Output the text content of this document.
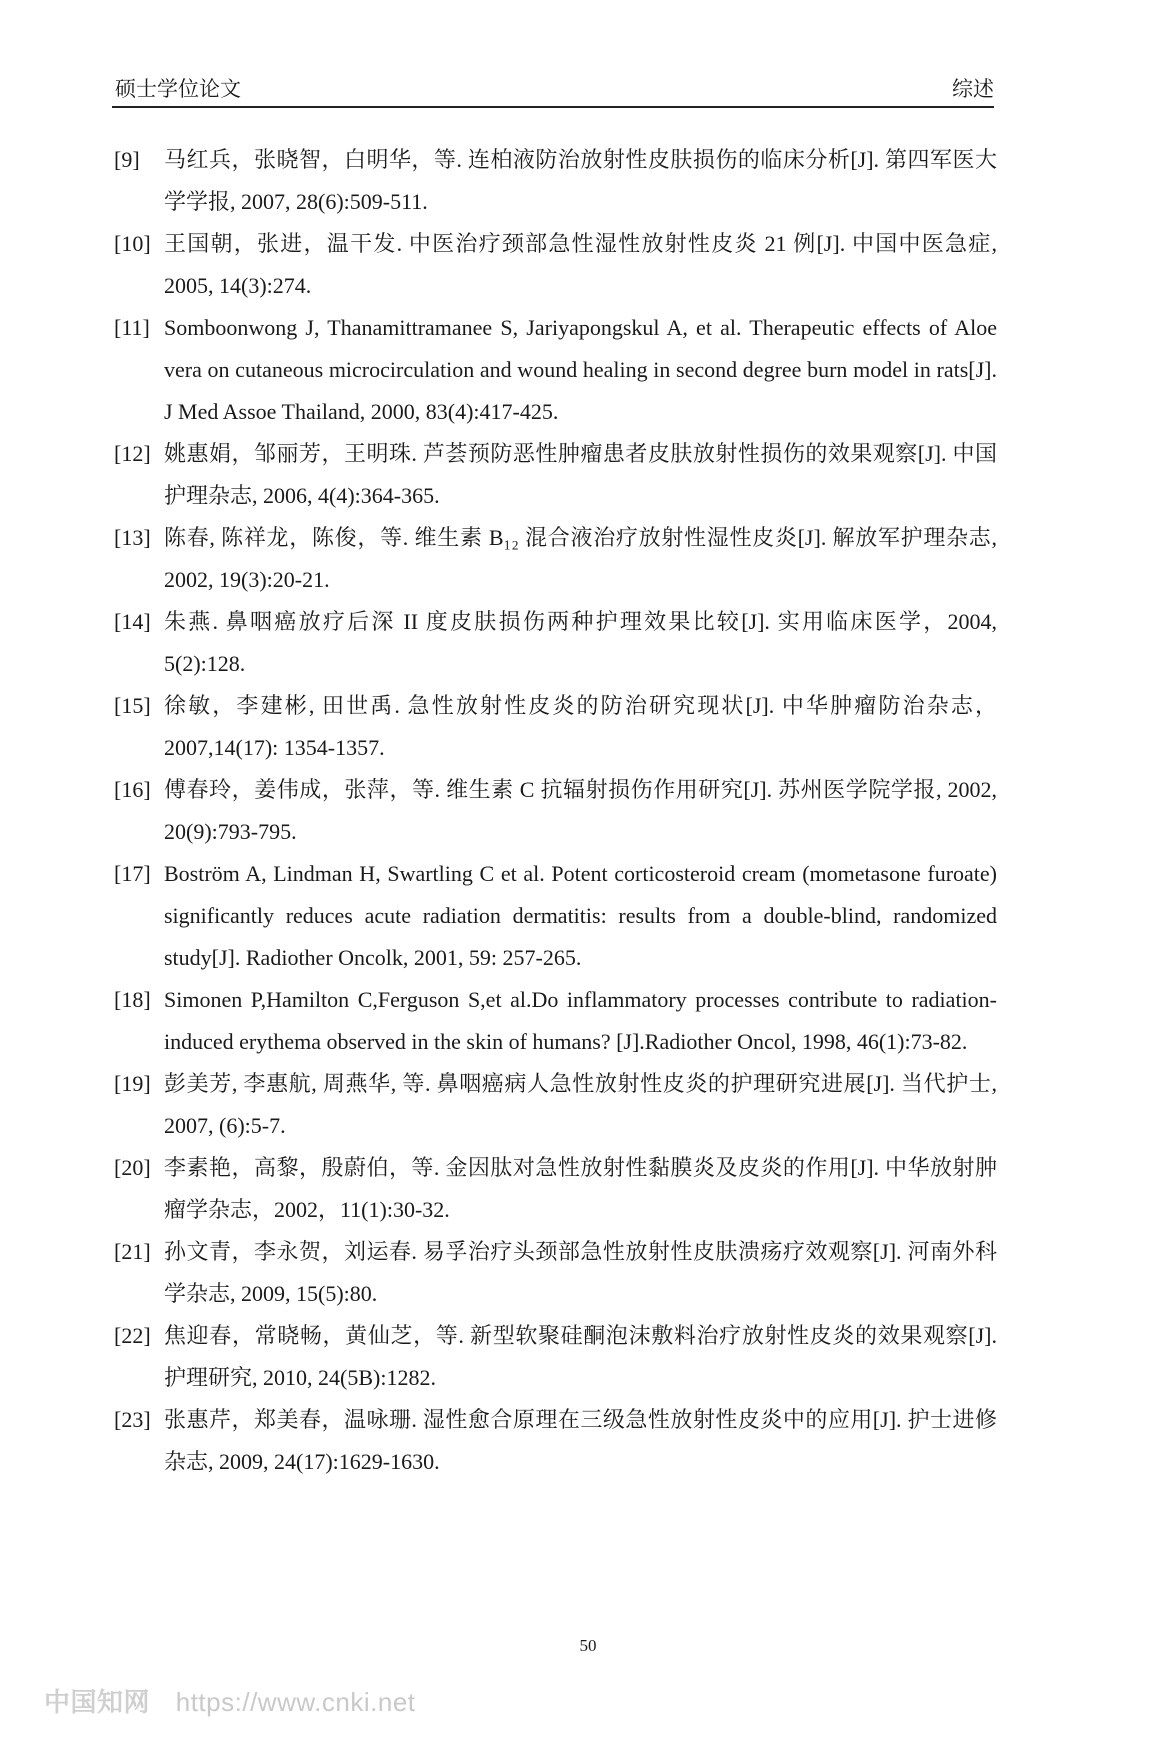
硕士学位论文	综述
[9] 马红兵，张晓智，白明华，等. 连柏液防治放射性皮肤损伤的临床分析[J]. 第四军医大学学报, 2007, 28(6):509-511.
[10] 王国朝，张进，温干发. 中医治疗颈部急性湿性放射性皮炎 21 例[J]. 中国中医急症, 2005, 14(3):274.
[11] Somboonwong J, Thanamittramanee S, Jariyapongskul A, et al. Therapeutic effects of Aloe vera on cutaneous microcirculation and wound healing in second degree burn model in rats[J]. J Med Assoe Thailand, 2000, 83(4):417-425.
[12] 姚惠娟，邹丽芳，王明珠. 芦荟预防恶性肿瘤患者皮肤放射性损伤的效果观察[J]. 中国护理杂志, 2006, 4(4):364-365.
[13] 陈春, 陈祥龙，陈俊，等. 维生素 B₁₂ 混合液治疗放射性湿性皮炎[J]. 解放军护理杂志, 2002, 19(3):20-21.
[14] 朱燕. 鼻咽癌放疗后深 II 度皮肤损伤两种护理效果比较[J]. 实用临床医学，2004, 5(2):128.
[15] 徐敏，李建彬, 田世禹. 急性放射性皮炎的防治研究现状[J]. 中华肿瘤防治杂志，2007,14(17): 1354-1357.
[16] 傅春玲，姜伟成，张萍，等. 维生素 C 抗辐射损伤作用研究[J]. 苏州医学院学报, 2002, 20(9):793-795.
[17] Boström A, Lindman H, Swartling C et al. Potent corticosteroid cream (mometasone furoate) significantly reduces acute radiation dermatitis: results from a double-blind, randomized study[J]. Radiother Oncolk, 2001, 59: 257-265.
[18] Simonen P,Hamilton C,Ferguson S,et al.Do inflammatory processes contribute to radiation-induced erythema observed in the skin of humans? [J].Radiother Oncol, 1998, 46(1):73-82.
[19] 彭美芳, 李惠航, 周燕华, 等. 鼻咽癌病人急性放射性皮炎的护理研究进展[J]. 当代护士, 2007, (6):5-7.
[20] 李素艳，高黎，殷蔚伯，等. 金因肽对急性放射性黏膜炎及皮炎的作用[J]. 中华放射肿瘤学杂志，2002，11(1):30-32.
[21] 孙文青，李永贺，刘运春. 易孚治疗头颈部急性放射性皮肤溃疡疗效观察[J]. 河南外科学杂志, 2009, 15(5):80.
[22] 焦迎春，常晓畅，黄仙芝，等. 新型软聚硅酮泡沫敷料治疗放射性皮炎的效果观察[J]. 护理研究, 2010, 24(5B):1282.
[23] 张惠芹，郑美春，温咏珊. 湿性愈合原理在三级急性放射性皮炎中的应用[J]. 护士进修杂志, 2009, 24(17):1629-1630.
50
中国知网 https://www.cnki.net
